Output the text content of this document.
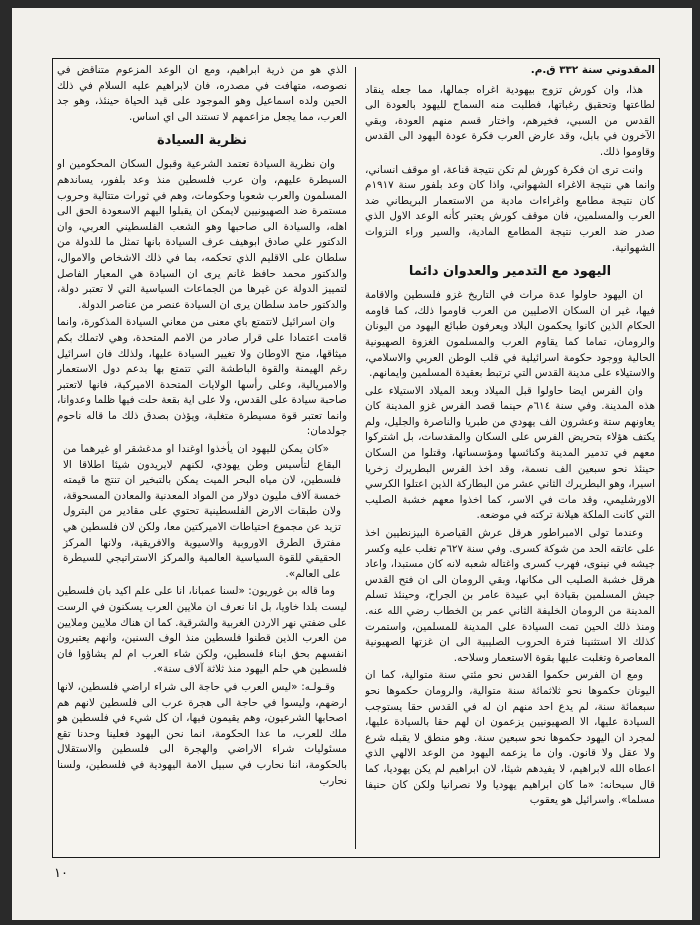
المقدوني سنة ٣٣٢ ق.م.

هذا، وان كورش تزوج بيهودية اغراه جمالها، مما جعله ينقاد لطاعتها وتحقيق رغباتها، فطلبت منه السماح لليهود بالعودة الى القدس من السبي، فخيرهم، واختار قسم منهم العودة، وبقي الآخرون في بابل، وقد عارض العرب فكرة عودة اليهود الى القدس وقاوموا ذلك.

وانت ترى ان فكرة كورش لم تكن نتيجة قناعة، او موقف انساني، وانما هي نتيجة الاغراء الشهواني، واذا كان وعد بلفور سنة ١٩١٧م كان نتيجة مطامع واغراءات مادية من الاستعمار البريطاني ضد العرب والمسلمين، فان موقف كورش يعتبر كأنه الوعد الاول الذي صدر ضد العرب نتيجة المطامع المادية، والسير وراء النزوات الشهوانية.

اليهود مع التدمير والعدوان دائما

ان اليهود حاولوا عدة مرات في التاريخ غزو فلسطين والاقامة فيها، غير ان السكان الاصليين من العرب قاوموا ذلك، كما قاومه الحكام الذين كانوا يحكمون البلاد ويعرفون طبائع اليهود من اليونان والرومان، تماما كما يقاوم العرب والمسلمون الغزوة الصهيونية الحالية ووجود حكومة اسرائيلية في قلب الوطن العربي والاسلامي، والاستيلاء على مدينة القدس التي ترتبط بعقيدة المسلمين وايمانهم.

وان الفرس ايضا حاولوا قبل الميلاد وبعد الميلاد الاستيلاء على هذه المدينة. وفي سنة ٦١٤م حينما قصد الفرس غزو المدينة كان يعاونهم ستة وعشرون الف يهودي من طبريا والناصرة والجليل، ولم يكتف هؤلاء بتحريض الفرس على السكان والمقدسات، بل اشتركوا معهم في تدمير المدينة وكنائسها ومؤسساتها، وقتلوا من السكان حينئذ نحو سبعين الف نسمة، وقد اخذ الفرس البطريرك زخريا اسيرا، وهو البطريرك الثاني عشر من البطاركة الذين اعتلوا الكرسي الاورشليمي، وقد مات في الاسر، كما اخذوا معهم خشبة الصليب التي كانت الملكة هيلانة تركته في موضعه.

وعندما تولى الامبراطور هرقل عرش القياصرة البيزنطيين اخذ على عاتقه الحد من شوكة كسرى. وفي سنة ٦٢٧م تغلب عليه وكسر جيشه في نينوى، فهرب كسرى واغتاله شعبه لانه كان مستبدا، واعاد هرقل خشبة الصليب الى مكانها، وبقي الرومان الى ان فتح القدس جيش المسلمين بقيادة ابي عبيدة عامر بن الجراح، وحينئذ تسلم المدينة من الرومان الخليفة الثاني عمر بن الخطاب رضي الله عنه. ومنذ ذلك الحين تمت السيادة على المدينة للمسلمين، واستمرت كذلك الا استثنينا فترة الحروب الصليبية الى ان غزتها الصهيونية المعاصرة وتغلبت عليها بقوة الاستعمار وسلاحه.

ومع ان الفرس حكموا القدس نحو مئتي سنة متوالية، كما ان اليونان حكموها نحو ثلاثمائة سنة متوالية، والرومان حكموها نحو سبعمائة سنة، لم يدع احد منهم ان له في القدس حقا يستوجب السيادة عليها، الا الصهيونيين يزعمون ان لهم حقا بالسيادة عليها، لمجرد ان اليهود حكموها نحو سبعين سنة. وهو منطق لا يقبله شرع ولا عقل ولا قانون. وان ما يزعمه اليهود من الوعد الالهي الذي اعطاه الله لابراهيم، لا يفيدهم شيئا، لان ابراهيم لم يكن يهوديا، كما قال سبحانه: «ما كان ابراهيم يهوديا ولا نصرانيا ولكن كان حنيفا مسلما». واسرائيل هو يعقوب

الذي هو من ذرية ابراهيم، ومع ان الوعد المزعوم متناقض في نصوصه، متهافت في مصدره، فان لابراهيم عليه السلام في ذلك الحين ولده اسماعيل وهو الموجود على قيد الحياة حينئذ، وهو جد العرب، مما يجعل مزاعمهم لا تستند الى اي اساس.

نظرية السيادة

وان نظرية السيادة تعتمد الشرعية وقبول السكان المحكومين او السيطرة عليهم، وان عرب فلسطين منذ وعد بلفور، يساندهم المسلمون والعرب شعوبا وحكومات، وهم في ثورات متتالية وحروب مستمرة ضد الصهيونيين لايمكن ان يقبلوا اليهم الاسعودة الحق الى اهله، والسيادة الى صاحبها وهو الشعب الفلسطيني العربي، وان الدكتور علي صادق ابوهيف عرف السيادة بانها تمثل ما للدولة من سلطان على الاقليم الذي تحكمه، بما في ذلك الاشخاص والاموال، والدكتور محمد حافظ غانم يرى ان السيادة هي المعيار الفاصل لتمييز الدولة عن غيرها من الجماعات السياسية التي لا تعتبر دولة، والدكتور حامد سلطان يرى ان السيادة عنصر من عناصر الدولة.

وان اسرائيل لاتتمتع باي معنى من معاني السيادة المذكورة، وانما قامت اعتمادا على قرار صادر من الامم المتحدة، وهي لاتملك بكم ميثاقها، منح الاوطان ولا تغيير السيادة عليها، ولذلك فان اسرائيل رغم الهيمنة والقوة الباطشة التي تتمتع بها بدعم دول الاستعمار والامبريالية، وعلى رأسها الولايات المتحدة الاميركية، فانها لاتعتبر صاحبة سيادة على القدس، ولا على اية بقعة حلت فيها ظلما وعدوانا، وانما تعتبر قوة مسيطرة متغلبة، ويؤذن بصدق ذلك ما قاله ناحوم جولدمان:

«كان يمكن لليهود ان يأخذوا اوغندا او مدغشقر او غيرهما من البقاع لتأسيس وطن يهودي، لكنهم لايريدون شيئا اطلاقا الا فلسطين، لان مياه البحر الميت يمكن بالتبخير ان تنتج ما قيمته خمسة آلاف مليون دولار من المواد المعدنية والمعادن المسحوقة، ولان طبقات الارض الفلسطينية تحتوي على مقادير من البترول تزيد عن مجموع احتياطات الاميركتين معا، ولكن لان فلسطين هي مفترق الطرق الاوروبية والاسيوية والافريقية، ولانها المركز الحقيقي للقوة السياسية العالمية والمركز الاستراتيجي للسيطرة على العالم».

وما قاله بن غوريون: «لسنا عمبانا، انا على علم اكيد بان فلسطين ليست بلدا خاويا، بل انا نعرف ان ملايين العرب يسكنون في الرست على ضفتي نهر الاردن الغربية والشرقية. كما ان هناك ملايين وملايين من العرب الذين قطنوا فلسطين منذ الوف السنين، وانهم يعتبرون انفسهم بحق ابناء فلسطين، ولكن شاء العرب ام لم يشاؤوا فان فلسطين هي حلم اليهود منذ ثلاثة آلاف سنة».

وقـولـه: «ليس العرب في حاجة الى شراء اراضي فلسطين، لانها ارضهم، وليسوا في حاجة الى هجرة عرب الى فلسطين لانهم هم اصحابها الشرعيون، وهم يقيمون فيها، ان كل شيء في فلسطين هو ملك للعرب، ما عدا الحكومة، انما نحن اليهود فعلينا وحدنا تقع مسئوليات شراء الاراضي والهجرة الى فلسطين والاستقلال بالحكومة، اننا نحارب في سبيل الامة اليهودية في فلسطين، ولسنا نحارب

١٠
